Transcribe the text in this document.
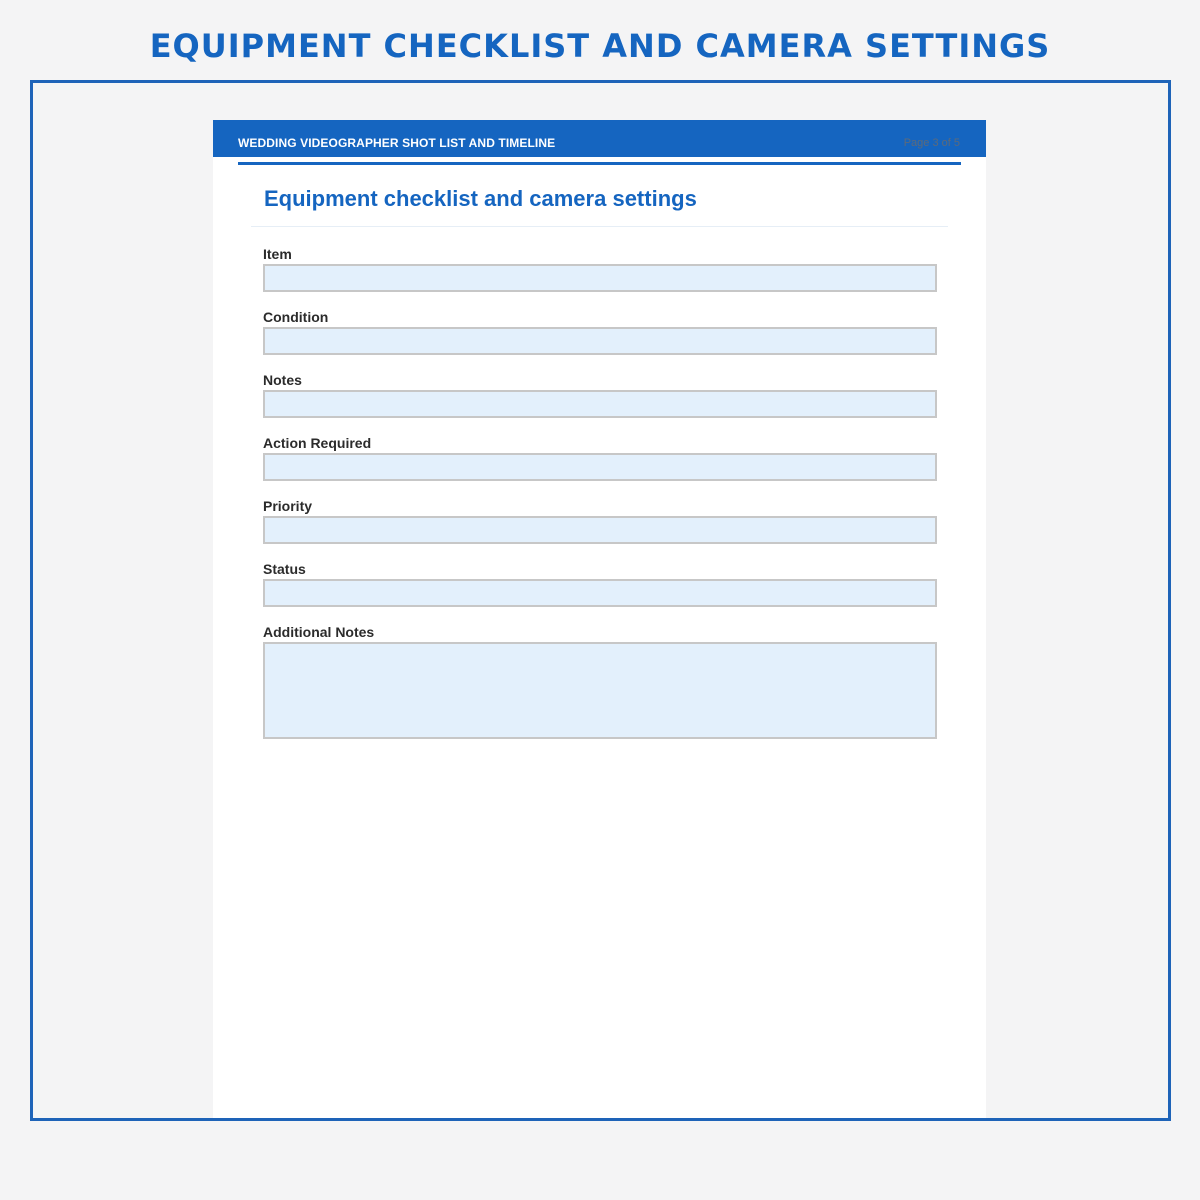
EQUIPMENT CHECKLIST AND CAMERA SETTINGS
WEDDING VIDEOGRAPHER SHOT LIST AND TIMELINE	Page 3 of 5
Equipment checklist and camera settings
Item
Condition
Notes
Action Required
Priority
Status
Additional Notes
